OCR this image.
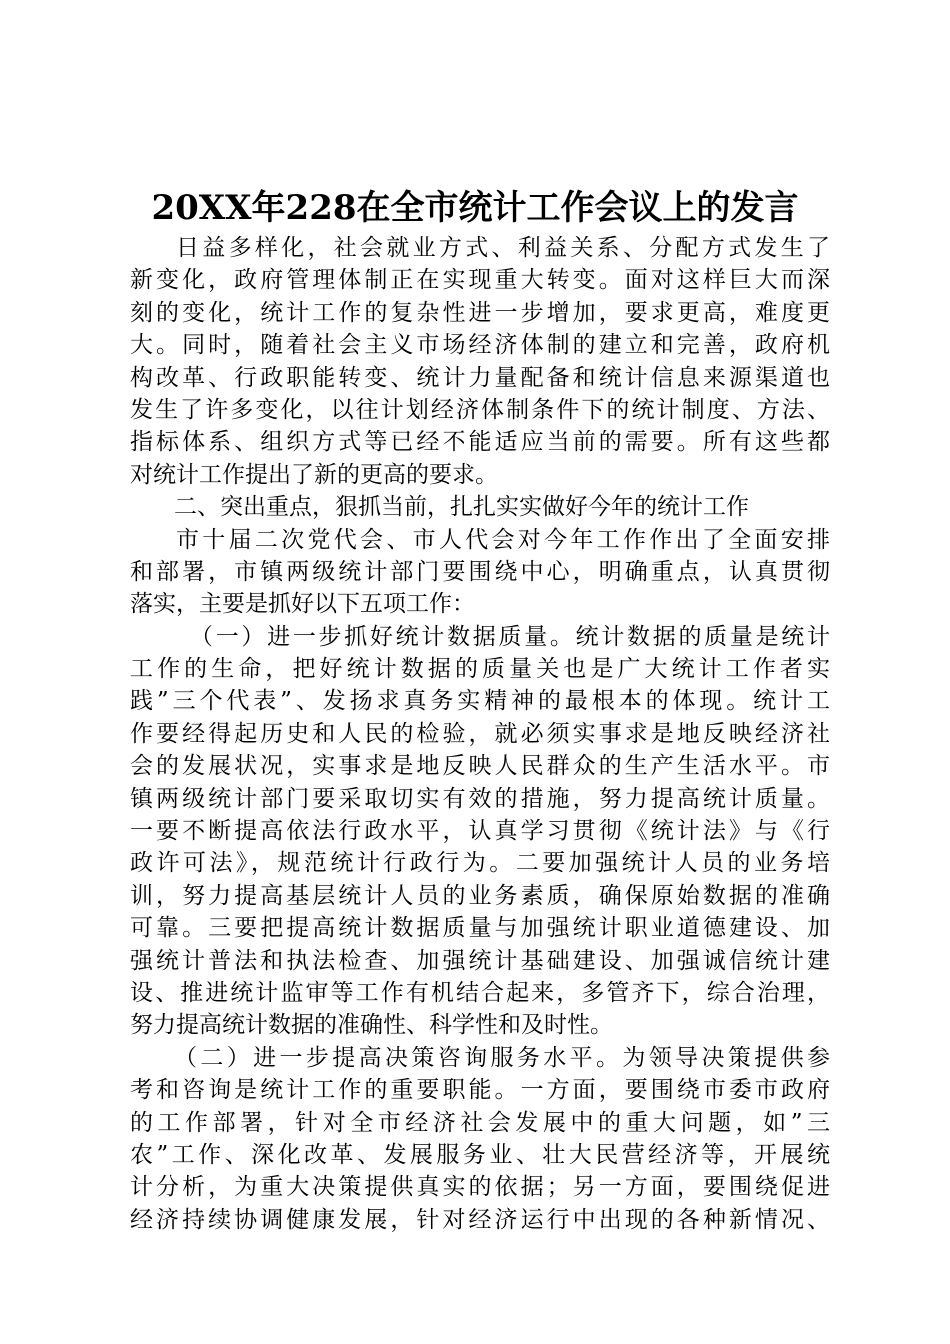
20XX年228在全市统计工作会议上的发言
日益多样化，社会就业方式、利益关系、分配方式发生了
新变化，政府管理体制正在实现重大转变。面对这样巨大而深
刻的变化，统计工作的复杂性进一步增加，要求更高，难度更
大。同时，随着社会主义市场经济体制的建立和完善，政府机
构改革、行政职能转变、统计力量配备和统计信息来源渠道也
发生了许多变化，以往计划经济体制条件下的统计制度、方法、
指标体系、组织方式等已经不能适应当前的需要。所有这些都
对统计工作提出了新的更高的要求。
二、突出重点，狠抓当前，扎扎实实做好今年的统计工作
市十届二次党代会、市人代会对今年工作作出了全面安排
和部署，市镇两级统计部门要围绕中心，明确重点，认真贯彻
落实，主要是抓好以下五项工作：
（一）进一步抓好统计数据质量。统计数据的质量是统计
工作的生命，把好统计数据的质量关也是广大统计工作者实
践”三个代表”、发扬求真务实精神的最根本的体现。统计工
作要经得起历史和人民的检验，就必须实事求是地反映经济社
会的发展状况，实事求是地反映人民群众的生产生活水平。市
镇两级统计部门要采取切实有效的措施，努力提高统计质量。
一要不断提高依法行政水平，认真学习贯彻《统计法》与《行
政许可法》，规范统计行政行为。二要加强统计人员的业务培
训，努力提高基层统计人员的业务素质，确保原始数据的准确
可靠。三要把提高统计数据质量与加强统计职业道德建设、加
强统计普法和执法检查、加强统计基础建设、加强诚信统计建
设、推进统计监审等工作有机结合起来，多管齐下，综合治理，
努力提高统计数据的准确性、科学性和及时性。
（二）进一步提高决策咨询服务水平。为领导决策提供参
考和咨询是统计工作的重要职能。一方面，要围绕市委市政府
的工作部署，针对全市经济社会发展中的重大问题，如”三
农”工作、深化改革、发展服务业、壮大民营经济等，开展统
计分析，为重大决策提供真实的依据；另一方面，要围绕促进
经济持续协调健康发展，针对经济运行中出现的各种新情况、
